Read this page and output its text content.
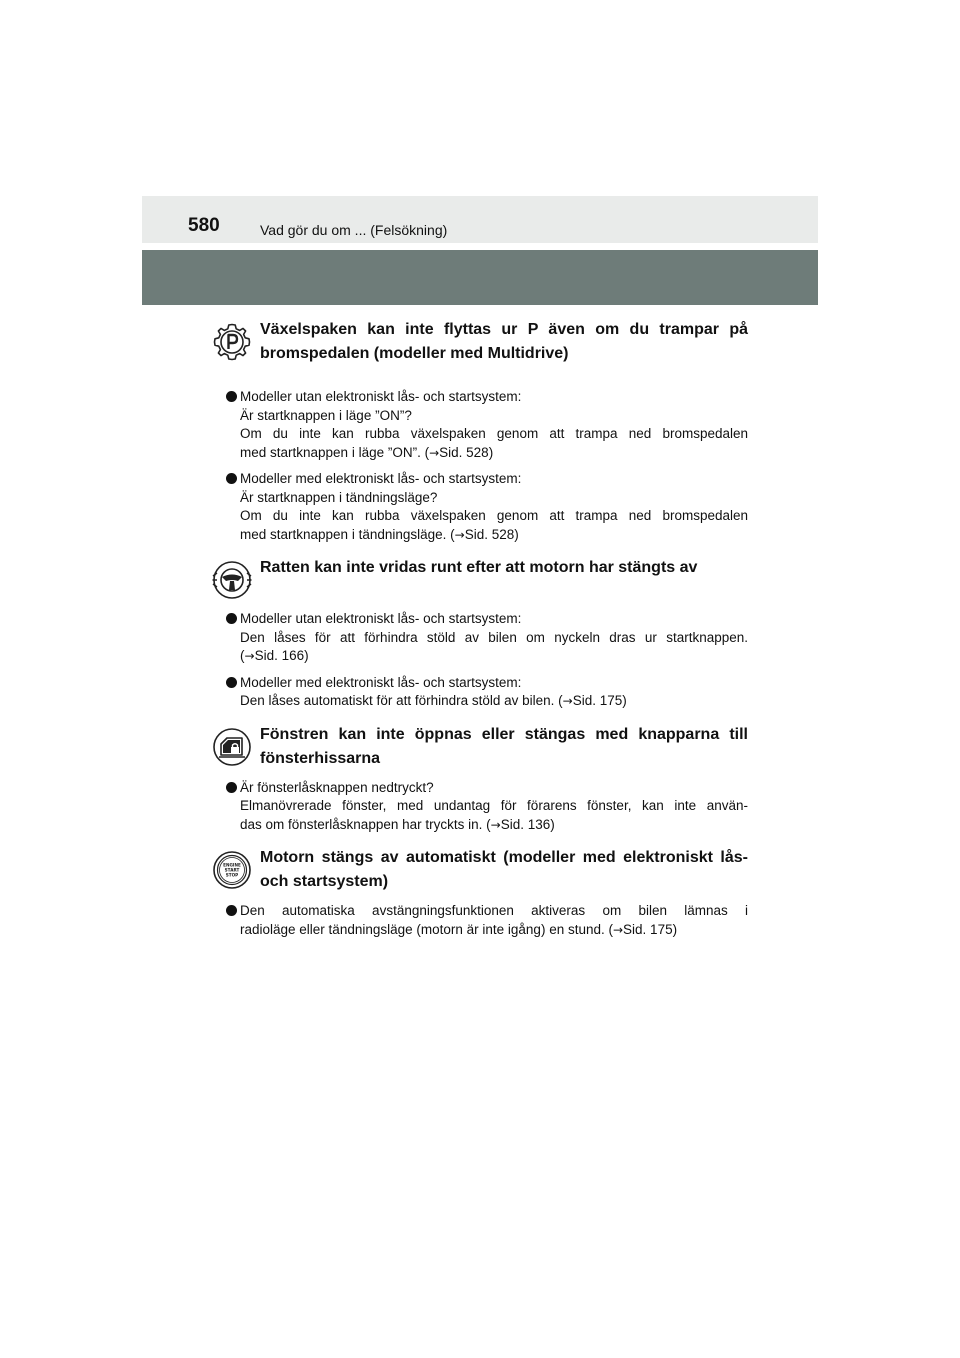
580	Vad gör du om ... (Felsökning)
Växelspaken kan inte flyttas ur P även om du trampar på bromspedalen (modeller med Multidrive)
Modeller utan elektroniskt lås- och startsystem:
Är startknappen i läge ”ON”?
Om du inte kan rubba växelspaken genom att trampa ned bromspedalen
med startknappen i läge ”ON”. (→Sid. 528)
Modeller med elektroniskt lås- och startsystem:
Är startknappen i tändningsläge?
Om du inte kan rubba växelspaken genom att trampa ned bromspedalen
med startknappen i tändningsläge. (→Sid. 528)
Ratten kan inte vridas runt efter att motorn har stängts av
Modeller utan elektroniskt lås- och startsystem:
Den låses för att förhindra stöld av bilen om nyckeln dras ur startknappen.
(→Sid. 166)
Modeller med elektroniskt lås- och startsystem:
Den låses automatiskt för att förhindra stöld av bilen. (→Sid. 175)
Fönstren kan inte öppnas eller stängas med knapparna till fönsterhissarna
Är fönsterlåsknappen nedtryckt?
Elmanövrerade fönster, med undantag för förarens fönster, kan inte använ-
das om fönsterlåsknappen har tryckts in. (→Sid. 136)
ENGINE
START
STOP
Motorn stängs av automatiskt (modeller med elektroniskt lås- och startsystem)
Den automatiska avstängningsfunktionen aktiveras om bilen lämnas i
radioläge eller tändningsläge (motorn är inte igång) en stund. (→Sid. 175)
